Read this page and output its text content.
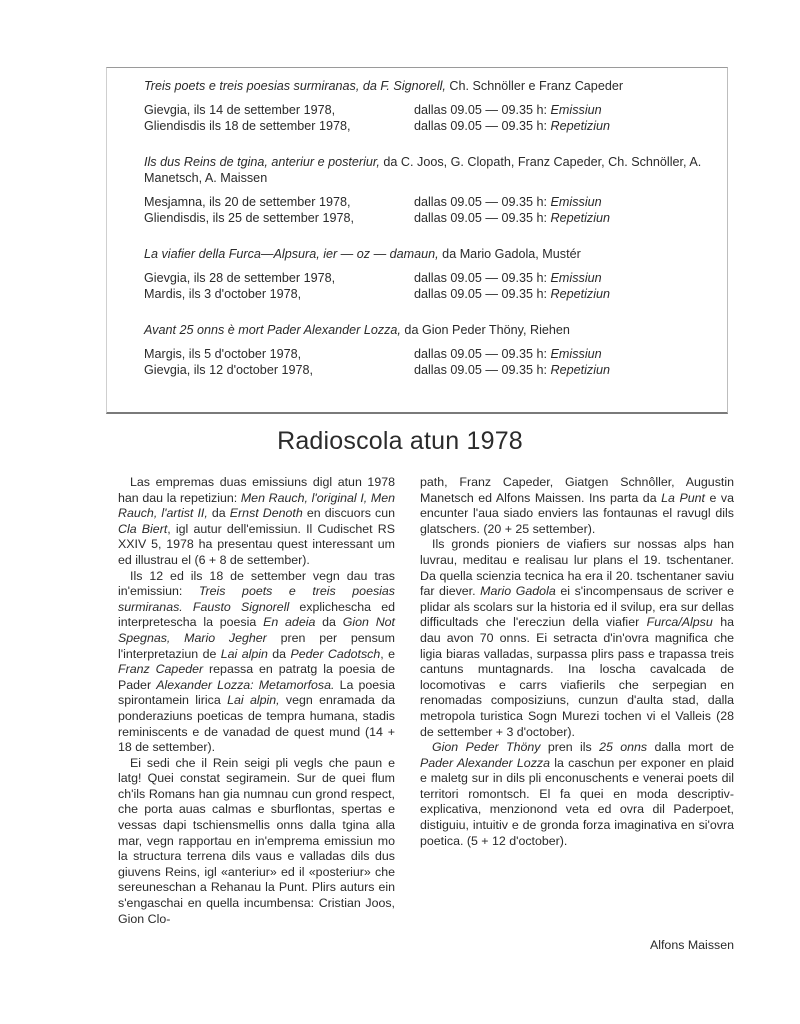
Treis poets e treis poesias surmiranas, da F. Signorell, Ch. Schnöller e Franz Capeder

Gievgia, ils 14 de settember 1978,	dallas 09.05 — 09.35 h: Emissiun
Gliendisdis ils 18 de settember 1978,	dallas 09.05 — 09.35 h: Repetiziun

Ils dus Reins de tgina, anteriur e posteriur, da C. Joos, G. Clopath, Franz Capeder, Ch. Schnöller, A. Manetsch, A. Maissen

Mesjamna, ils 20 de settember 1978,	dallas 09.05 — 09.35 h: Emissiun
Gliendisdis, ils 25 de settember 1978,	dallas 09.05 — 09.35 h: Repetiziun

La viafier della Furca—Alpsura, ier — oz — damaun, da Mario Gadola, Mustér

Gievgia, ils 28 de settember 1978,	dallas 09.05 — 09.35 h: Emissiun
Mardis, ils 3 d'october 1978,	dallas 09.05 — 09.35 h: Repetiziun

Avant 25 onns è mort Pader Alexander Lozza, da Gion Peder Thöny, Riehen

Margis, ils 5 d'october 1978,	dallas 09.05 — 09.35 h: Emissiun
Gievgia, ils 12 d'october 1978,	dallas 09.05 — 09.35 h: Repetiziun
Radioscola atun 1978

Las empremas duas emissiuns digl atun 1978 han dau la repetiziun: Men Rauch, l'original I, Men Rauch, l'artist II, da Ernst Denoth en discuors cun Cla Biert, igl autur dell'emissiun. Il Cudischet RS XXIV 5, 1978 ha presentau quest interessant um ed illustrau el (6 + 8 de settember).

Ils 12 ed ils 18 de settember vegn dau tras in'emissiun: Treis poets e treis poesias surmiranas. Fausto Signorell explichescha ed interpretescha la poesia En adeia da Gion Not Spegnas, Mario Jegher pren per pensum l'interpretaziun de Lai alpin da Peder Cadotsch, e Franz Capeder repassa en patratg la poesia de Pader Alexander Lozza: Metamorfosa. La poesia spirontamein lirica Lai alpin, vegn enramada da ponderaziuns poeticas de tempra humana, stadis reminiscents e de vanadad de quest mund (14 + 18 de settember).

Ei sedi che il Rein seigi pli vegls che paun e latg! Quei constat segiramein. Sur de quei flum ch'ils Romans han gia numnau cun grond respect, che porta auas calmas e sburflontas, spertas e vessas dapi tschiensmellis onns dalla tgina alla mar, vegn rapportau en in'emprema emissiun mo la structura terrena dils vaus e valladas dils dus giuvens Reins, igl «anteriur» ed il «posteriur» che sereuneschan a Rehanau la Punt. Plirs auturs ein s'engaschai en quella incumbensa: Cristian Joos, Gion Clo-

path, Franz Capeder, Giatgen Schnôller, Augustin Manetsch ed Alfons Maissen. Ins parta da La Punt e va encunter l'aua siado enviers las fontaunas el ravugl dils glatschers. (20 + 25 settember).

Ils gronds pioniers de viafiers sur nossas alps han luvrau, meditau e realisau lur plans el 19. tschentaner. Da quella scienzia tecnica ha era il 20. tschentaner saviu far diever. Mario Gadola ei s'incompensaus de scriver e plidar als scolars sur la historia ed il svilup, era sur dellas difficultads che l'erecziun della viafier Furca/Alpsu ha dau avon 70 onns. Ei setracta d'in'ovra magnifica che ligia biaras valladas, surpassa plirs pass e trapassa treis cantuns muntagnards. Ina loscha cavalcada de locomotivas e carrs viafierils che serpegian en renomadas composiziuns, cunzun d'aulta stad, dalla metropola turistica Sogn Murezi tochen vi el Valleis (28 de settember + 3 d'october).

Gion Peder Thöny pren ils 25 onns dalla mort de Pader Alexander Lozza la caschun per exponer en plaid e maletg sur in dils pli enconuschents e venerai poets dil territori romontsch. El fa quei en moda descriptiv-explicativa, menzionond veta ed ovra dil Paderpoet, distiguiu, intuitiv e de gronda forza imaginativa en si'ovra poetica. (5 + 12 d'october).

Alfons Maissen
